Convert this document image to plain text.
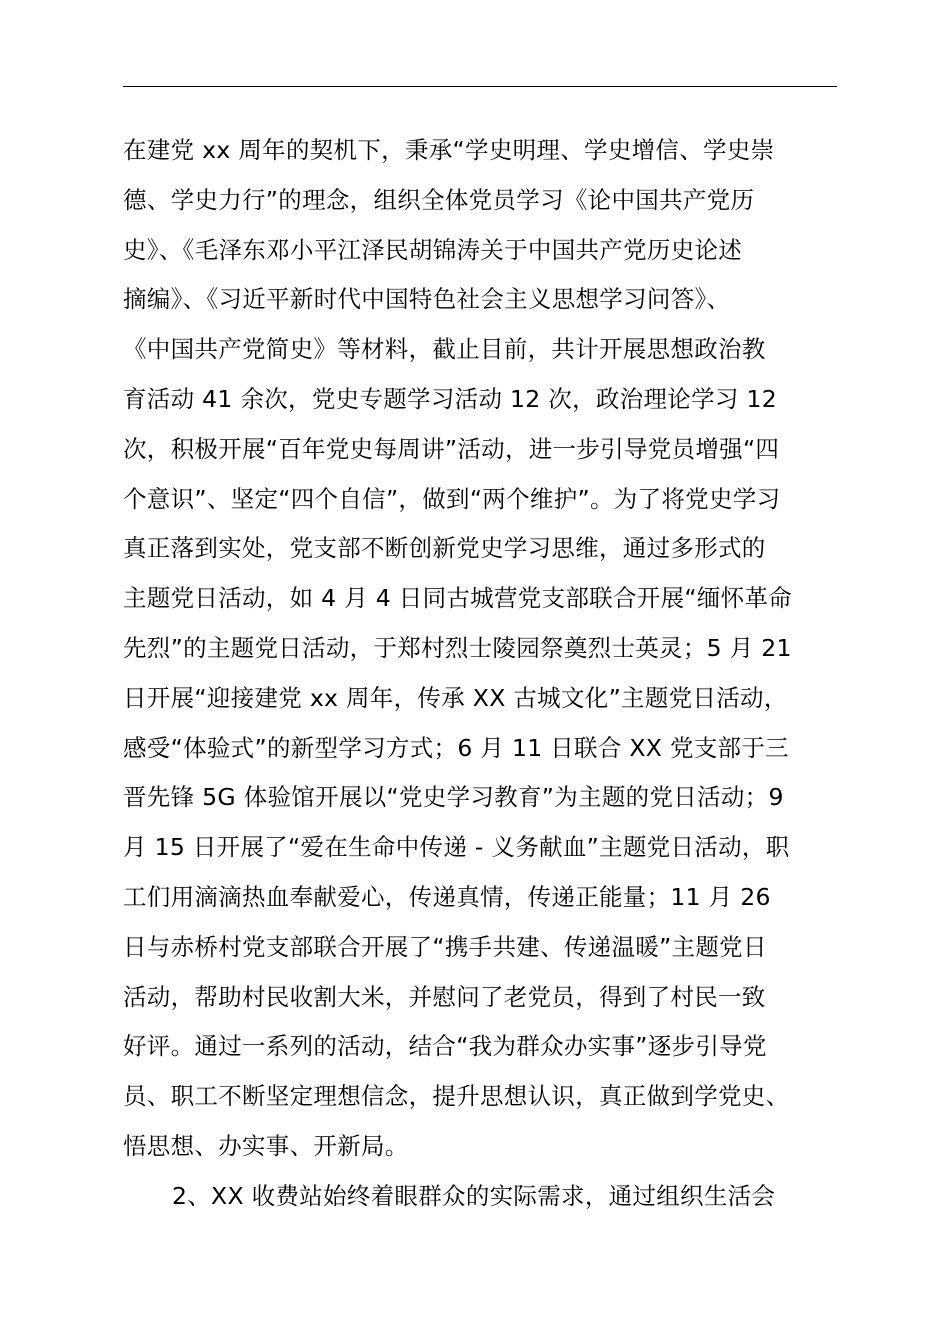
在建党 xx 周年的契机下，秉承“学史明理、学史增信、学史崇
德、学史力行”的理念，组织全体党员学习《论中国共产党历
史》、《毛泽东邓小平江泽民胡锦涛关于中国共产党历史论述
摘编》、《习近平新时代中国特色社会主义思想学习问答》、
《中国共产党简史》等材料，截止目前，共计开展思想政治教
育活动 41 余次，党史专题学习活动 12 次，政治理论学习 12
次，积极开展“百年党史每周讲”活动，进一步引导党员增强“四
个意识”、坚定“四个自信”，做到“两个维护”。为了将党史学习
真正落到实处，党支部不断创新党史学习思维，通过多形式的
主题党日活动，如 4 月 4 日同古城营党支部联合开展“缅怀革命
先烈”的主题党日活动，于郑村烈士陵园祭奠烈士英灵；5 月 21
日开展“迎接建党 xx 周年，传承 XX 古城文化”主题党日活动，
感受“体验式”的新型学习方式；6 月 11 日联合 XX 党支部于三
晋先锋 5G 体验馆开展以“党史学习教育”为主题的党日活动；9
月 15 日开展了“爱在生命中传递 - 义务献血”主题党日活动，职
工们用滴滴热血奉献爱心，传递真情，传递正能量；11 月 26
日与赤桥村党支部联合开展了“携手共建、传递温暖”主题党日
活动，帮助村民收割大米，并慰问了老党员，得到了村民一致
好评。通过一系列的活动，结合“我为群众办实事”逐步引导党
员、职工不断坚定理想信念，提升思想认识，真正做到学党史、
悟思想、办实事、开新局。
2、XX 收费站始终着眼群众的实际需求，通过组织生活会
